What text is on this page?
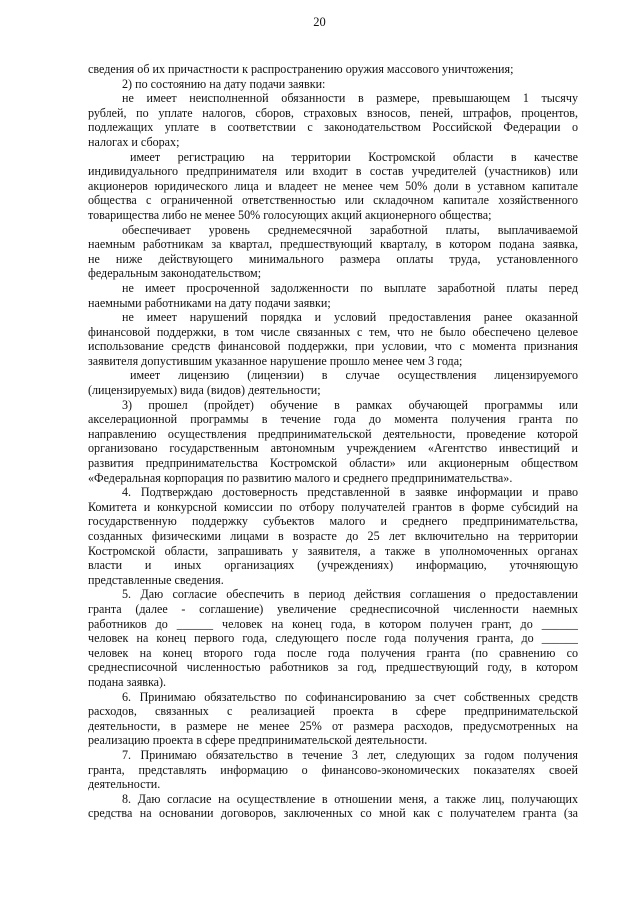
20
сведения об их причастности к распространению оружия массового уничтожения;
2) по состоянию на дату подачи заявки:
не имеет неисполненной обязанности в размере, превышающем 1 тысячу
рублей, по уплате налогов, сборов, страховых взносов, пеней, штрафов, процентов,
подлежащих уплате в соответствии с законодательством Российской Федерации о
налогах и сборах;
имеет регистрацию на территории Костромской области в качестве
индивидуального предпринимателя или входит в состав учредителей (участников) или
акционеров юридического лица и владеет не менее чем 50% доли в уставном капитале
общества с ограниченной ответственностью или складочном капитале хозяйственного
товарищества либо не менее 50% голосующих акций акционерного общества;
обеспечивает уровень среднемесячной заработной платы, выплачиваемой
наемным работникам за квартал, предшествующий кварталу, в котором подана заявка,
не ниже действующего минимального размера оплаты труда, установленного
федеральным законодательством;
не имеет просроченной задолженности по выплате заработной платы перед
наемными работниками на дату подачи заявки;
не имеет нарушений порядка и условий предоставления ранее оказанной
финансовой поддержки, в том числе связанных с тем, что не было обеспечено целевое
использование средств финансовой поддержки, при условии, что с момента признания
заявителя допустившим указанное нарушение прошло менее чем 3 года;
имеет лицензию (лицензии) в случае осуществления лицензируемого
(лицензируемых) вида (видов) деятельности;
3) прошел (пройдет) обучение в рамках обучающей программы или
акселерационной программы в течение года до момента получения гранта по
направлению осуществления предпринимательской деятельности, проведение которой
организовано государственным автономным учреждением «Агентство инвестиций и
развития предпринимательства Костромской области» или акционерным обществом
«Федеральная корпорация по развитию малого и среднего предпринимательства».
4. Подтверждаю достоверность представленной в заявке информации и право
Комитета и конкурсной комиссии по отбору получателей грантов в форме субсидий на
государственную поддержку субъектов малого и среднего предпринимательства,
созданных физическими лицами в возрасте до 25 лет включительно на территории
Костромской области, запрашивать у заявителя, а также в уполномоченных органах
власти и иных организациях (учреждениях) информацию, уточняющую
представленные сведения.
5. Даю согласие обеспечить в период действия соглашения о предоставлении
гранта (далее - соглашение) увеличение среднесписочной численности наемных
работников до ______ человек на конец года, в котором получен грант, до ______
человек на конец первого года, следующего после года получения гранта, до ______
человек на конец второго года после года получения гранта (по сравнению со
среднесписочной численностью работников за год, предшествующий году, в котором
подана заявка).
6. Принимаю обязательство по софинансированию за счет собственных средств
расходов, связанных с реализацией проекта в сфере предпринимательской
деятельности, в размере не менее 25% от размера расходов, предусмотренных на
реализацию проекта в сфере предпринимательской деятельности.
7. Принимаю обязательство в течение 3 лет, следующих за годом получения
гранта, представлять информацию о финансово-экономических показателях своей
деятельности.
8. Даю согласие на осуществление в отношении меня, а также лиц, получающих
средства на основании договоров, заключенных со мной как с получателем гранта (за
